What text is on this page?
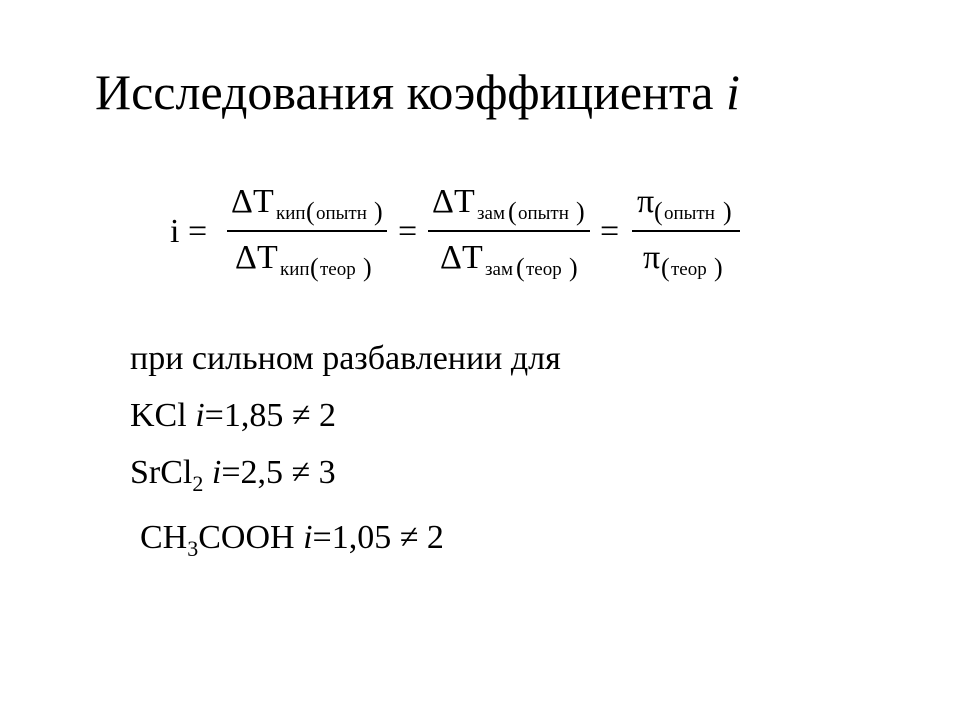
Исследования коэффициента i
i =
Δ T кип ( опытн )
Δ T кип ( теор )
=
Δ T зам ( опытн )
Δ T зам ( теор )
=
π ( опытн )
π ( теор )
при сильном разбавлении для
KCl i=1,85 ≠ 2
SrCl$_2$ i=2,5 ≠ 3
$CH_3COOH$ i=1,05 ≠ 2
